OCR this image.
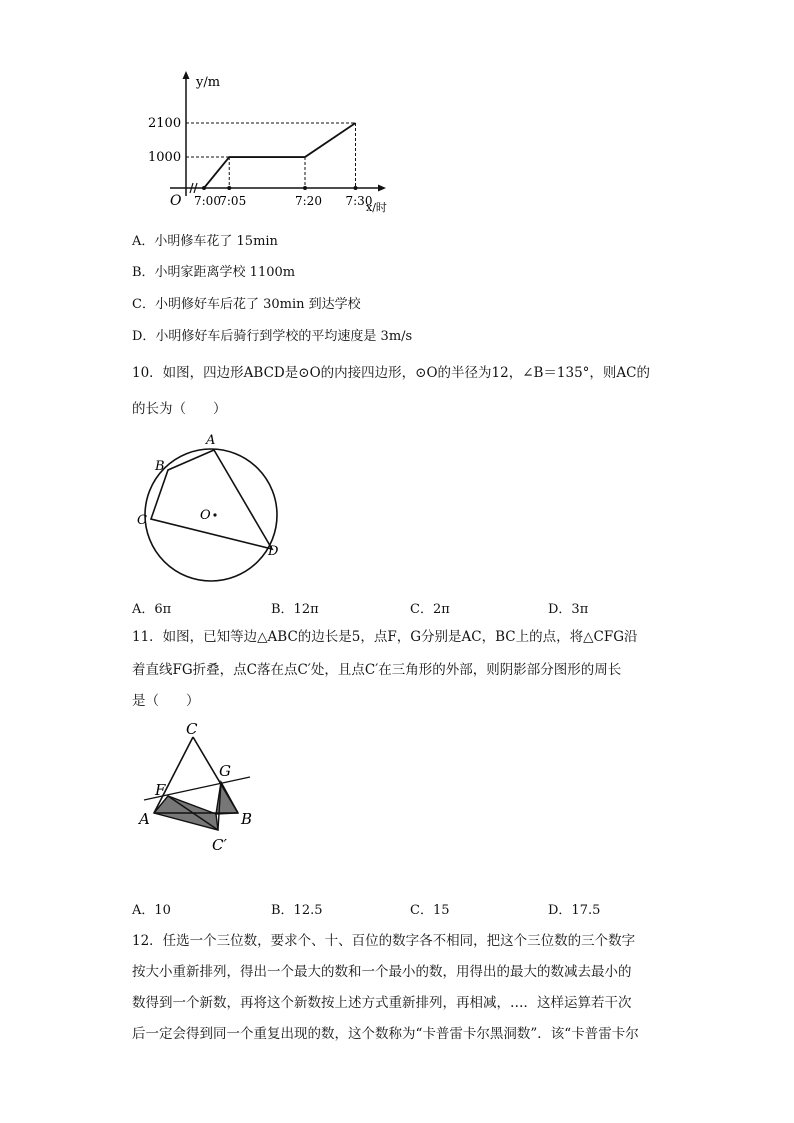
7:00
7:05	7:20 7:30
2100
1000
O
y/m
x/时
A．小明修车花了 15min
B．小明家距离学校 1100m
C．小明修好车后花了 30min 到达学校
D．小明修好车后骑行到学校的平均速度是 3m/s
10．如图，四边形ABCD是⊙O的内接四边形，⊙O的半径为12，∠B＝135°，则AC的
的长为（　　）
A
B
C
D
O
A．6π	B．12π	C．2π	D．3π
11．如图，已知等边△ABC的边长是5，点F，G分别是AC，BC上的点，将△CFG沿
着直线FG折叠，点C落在点C′处，且点C′在三角形的外部，则阴影部分图形的周长
是（　　）
C
F
G
A	B
C′
A．10	B．12.5	C．15	D．17.5
12．任选一个三位数，要求个、十、百位的数字各不相同，把这个三位数的三个数字
按大小重新排列，得出一个最大的数和一个最小的数，用得出的最大的数减去最小的
数得到一个新数，再将这个新数按上述方式重新排列，再相减，…．这样运算若干次
后一定会得到同一个重复出现的数，这个数称为“卡普雷卡尔黑洞数”．该“卡普雷卡尔
